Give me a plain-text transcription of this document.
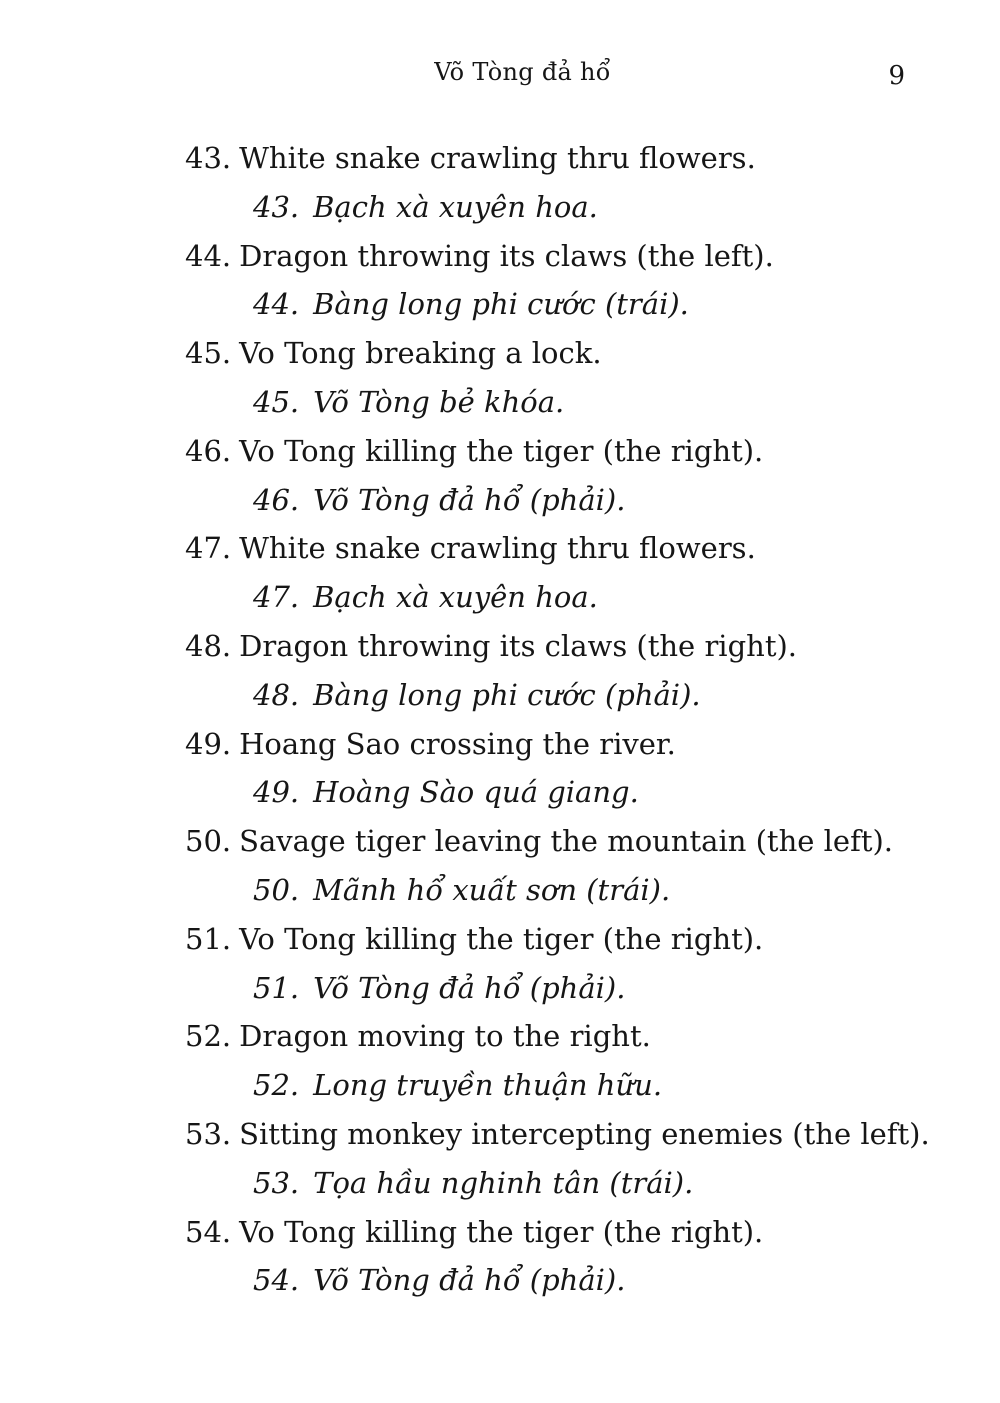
Võ Tòng đả hổ	9
43. White snake crawling thru flowers.
43. Bạch xà xuyên hoa.
44. Dragon throwing its claws (the left).
44. Bàng long phi cước (trái).
45. Vo Tong breaking a lock.
45. Võ Tòng bẻ khóa.
46. Vo Tong killing the tiger (the right).
46. Võ Tòng đả hổ (phải).
47. White snake crawling thru flowers.
47. Bạch xà xuyên hoa.
48. Dragon throwing its claws (the right).
48. Bàng long phi cước (phải).
49. Hoang Sao crossing the river.
49. Hoàng Sào quá giang.
50. Savage tiger leaving the mountain (the left).
50. Mãnh hổ xuất sơn (trái).
51. Vo Tong killing the tiger (the right).
51. Võ Tòng đả hổ (phải).
52. Dragon moving to the right.
52. Long truyền thuận hữu.
53. Sitting monkey intercepting enemies (the left).
53. Tọa hầu nghinh tân (trái).
54. Vo Tong killing the tiger (the right).
54. Võ Tòng đả hổ (phải).
